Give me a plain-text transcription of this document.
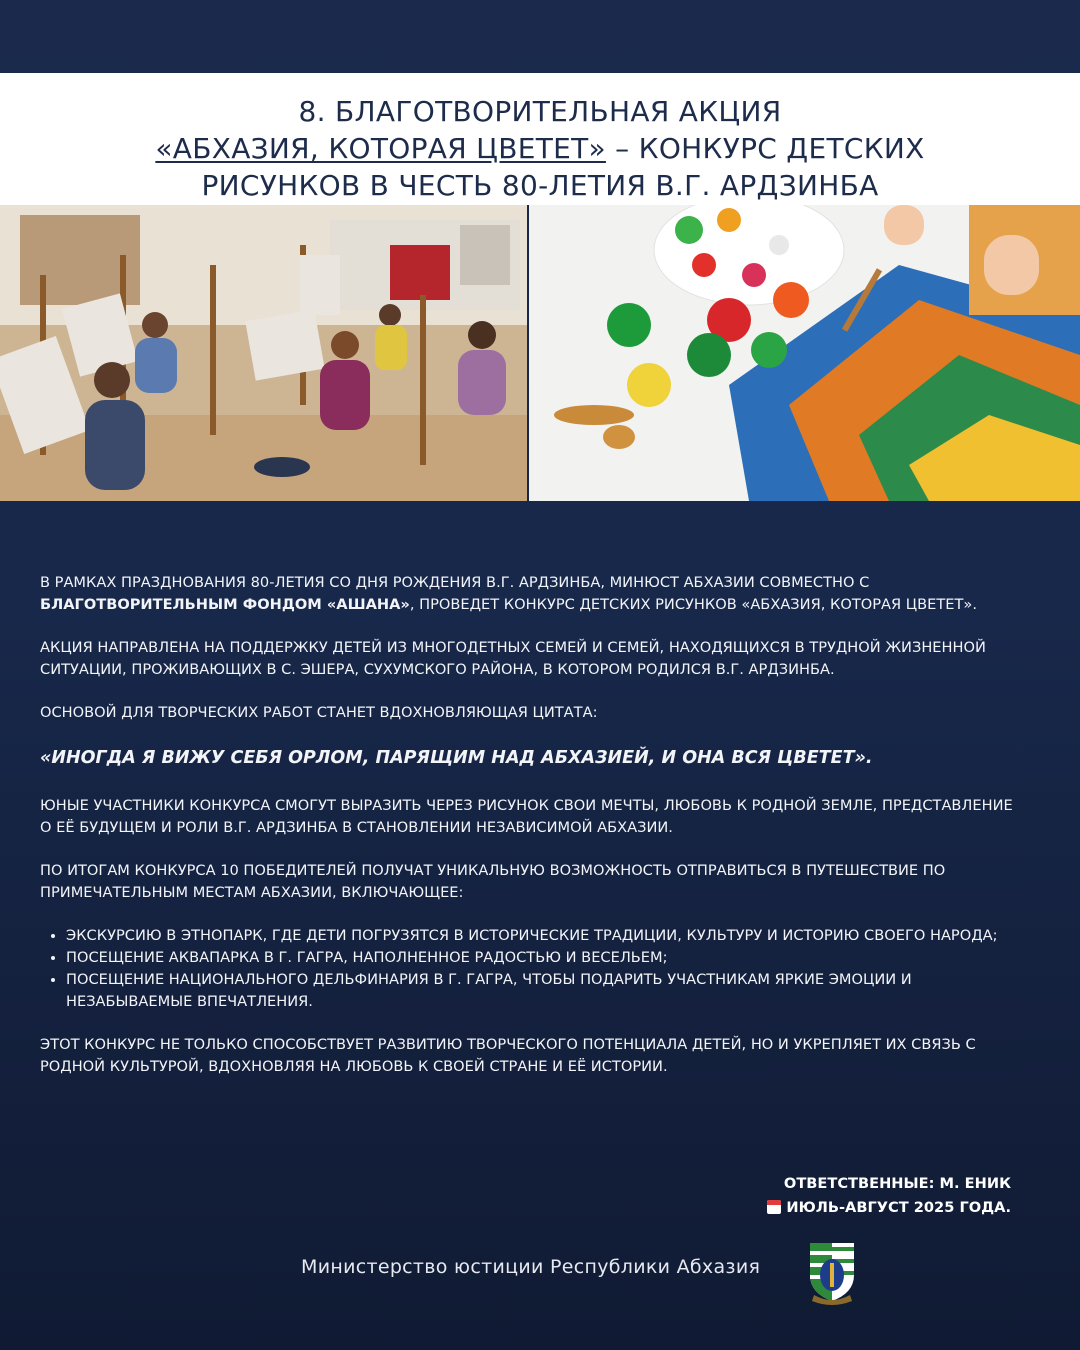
8. БЛАГОТВОРИТЕЛЬНАЯ АКЦИЯ
«АБХАЗИЯ, КОТОРАЯ ЦВЕТЕТ» – КОНКУРС ДЕТСКИХ
РИСУНКОВ В ЧЕСТЬ 80-ЛЕТИЯ В.Г. АРДЗИНБА

В РАМКАХ ПРАЗДНОВАНИЯ 80-ЛЕТИЯ СО ДНЯ РОЖДЕНИЯ В.Г. АРДЗИНБА, МИНЮСТ АБХАЗИИ СОВМЕСТНО С БЛАГОТВОРИТЕЛЬНЫМ ФОНДОМ «АШАНА», ПРОВЕДЕТ КОНКУРС ДЕТСКИХ РИСУНКОВ «АБХАЗИЯ, КОТОРАЯ ЦВЕТЕТ».

АКЦИЯ НАПРАВЛЕНА НА ПОДДЕРЖКУ ДЕТЕЙ ИЗ МНОГОДЕТНЫХ СЕМЕЙ И СЕМЕЙ, НАХОДЯЩИХСЯ В ТРУДНОЙ ЖИЗНЕННОЙ СИТУАЦИИ, ПРОЖИВАЮЩИХ В С. ЭШЕРА, СУХУМСКОГО РАЙОНА, В КОТОРОМ РОДИЛСЯ В.Г. АРДЗИНБА.

ОСНОВОЙ ДЛЯ ТВОРЧЕСКИХ РАБОТ СТАНЕТ ВДОХНОВЛЯЮЩАЯ ЦИТАТА:

«ИНОГДА Я ВИЖУ СЕБЯ ОРЛОМ, ПАРЯЩИМ НАД АБХАЗИЕЙ, И ОНА ВСЯ ЦВЕТЕТ».

ЮНЫЕ УЧАСТНИКИ КОНКУРСА СМОГУТ ВЫРАЗИТЬ ЧЕРЕЗ РИСУНОК СВОИ МЕЧТЫ, ЛЮБОВЬ К РОДНОЙ ЗЕМЛЕ, ПРЕДСТАВЛЕНИЕ О ЕЁ БУДУЩЕМ И РОЛИ В.Г. АРДЗИНБА В СТАНОВЛЕНИИ НЕЗАВИСИМОЙ АБХАЗИИ.

ПО ИТОГАМ КОНКУРСА 10 ПОБЕДИТЕЛЕЙ ПОЛУЧАТ УНИКАЛЬНУЮ ВОЗМОЖНОСТЬ ОТПРАВИТЬСЯ В ПУТЕШЕСТВИЕ ПО ПРИМЕЧАТЕЛЬНЫМ МЕСТАМ АБХАЗИИ, ВКЛЮЧАЮЩЕЕ:

• ЭКСКУРСИЮ В ЭТНОПАРК, ГДЕ ДЕТИ ПОГРУЗЯТСЯ В ИСТОРИЧЕСКИЕ ТРАДИЦИИ, КУЛЬТУРУ И ИСТОРИЮ СВОЕГО НАРОДА;
• ПОСЕЩЕНИЕ АКВАПАРКА В Г. ГАГРА, НАПОЛНЕННОЕ РАДОСТЬЮ И ВЕСЕЛЬЕМ;
• ПОСЕЩЕНИЕ НАЦИОНАЛЬНОГО ДЕЛЬФИНАРИЯ В Г. ГАГРА, ЧТОБЫ ПОДАРИТЬ УЧАСТНИКАМ ЯРКИЕ ЭМОЦИИ И НЕЗАБЫВАЕМЫЕ ВПЕЧАТЛЕНИЯ.

ЭТОТ КОНКУРС НЕ ТОЛЬКО СПОСОБСТВУЕТ РАЗВИТИЮ ТВОРЧЕСКОГО ПОТЕНЦИАЛА ДЕТЕЙ, НО И УКРЕПЛЯЕТ ИХ СВЯЗЬ С РОДНОЙ КУЛЬТУРОЙ, ВДОХНОВЛЯЯ НА ЛЮБОВЬ К СВОЕЙ СТРАНЕ И ЕЁ ИСТОРИИ.

ОТВЕТСТВЕННЫЕ: М. ЕНИК
ИЮЛЬ-АВГУСТ 2025 ГОДА.
Министерство юстиции Республики Абхазия
